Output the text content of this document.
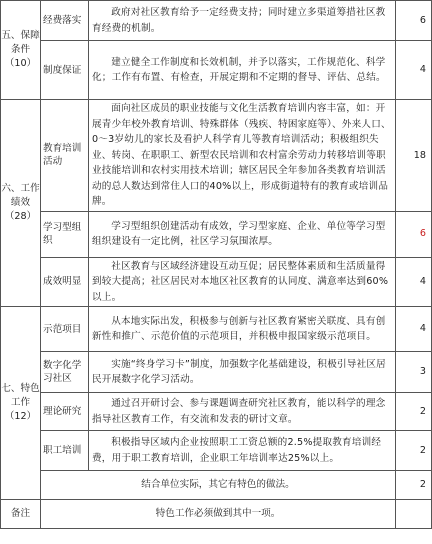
五、保障条件（10）	经费落实	政府对社区教育给予一定经费支持；同时建立多渠道筹措社区教育经费的机制。	6
	制度保证	建立健全工作制度和长效机制，并予以落实，工作规范化、科学化；工作有布置、有检查，开展定期和不定期的督导、评估、总结。	4
六、工作绩效（28）	教育培训活动	面向社区成员的职业技能与文化生活教育培训内容丰富，如：开展青少年校外教育培训、特殊群体（残疾、特困家庭等）、外来人口、0～3岁幼儿的家长及看护人科学育儿等教育培训活动；积极组织失业、转岗、在职职工、新型农民培训和农村富余劳动力转移培训等职业技能培训和农村实用技术培训；辖区居民全年参加各类教育培训活动的总人数达到常住人口的40%以上，形成街道特有的教育或培训品牌。	18
	学习型组织	学习型组织创建活动有成效，学习型家庭、企业、单位等学习型组织建设有一定比例，社区学习氛围浓厚。	6
	成效明显	社区教育与区域经济建设互动互促；居民整体素质和生活质量得到较大提高；社区居民对本地区社区教育的认同度、满意率达到60%以上。	4
七、特色工作（12）	示范项目	从本地实际出发，积极参与创新与社区教育紧密关联度、具有创新性和推广、示范价值的示范项目，并积极申报国家级示范项目。	4
	数字化学习社区	实施“终身学习卡”制度，加强数字化基础建设，积极引导社区居民开展数字化学习活动。	3
	理论研究	通过召开研讨会、参与课题调查研究社区教育，能以科学的理念指导社区教育工作，有交流和发表的研讨文章。	2
	职工培训	积极指导区域内企业按照职工工资总额的2.5%提取教育培训经费，用于职工教育培训，企业职工年培训率达25%以上。	2
	结合单位实际，其它有特色的做法。		2
备注	特色工作必须做到其中一项。		
